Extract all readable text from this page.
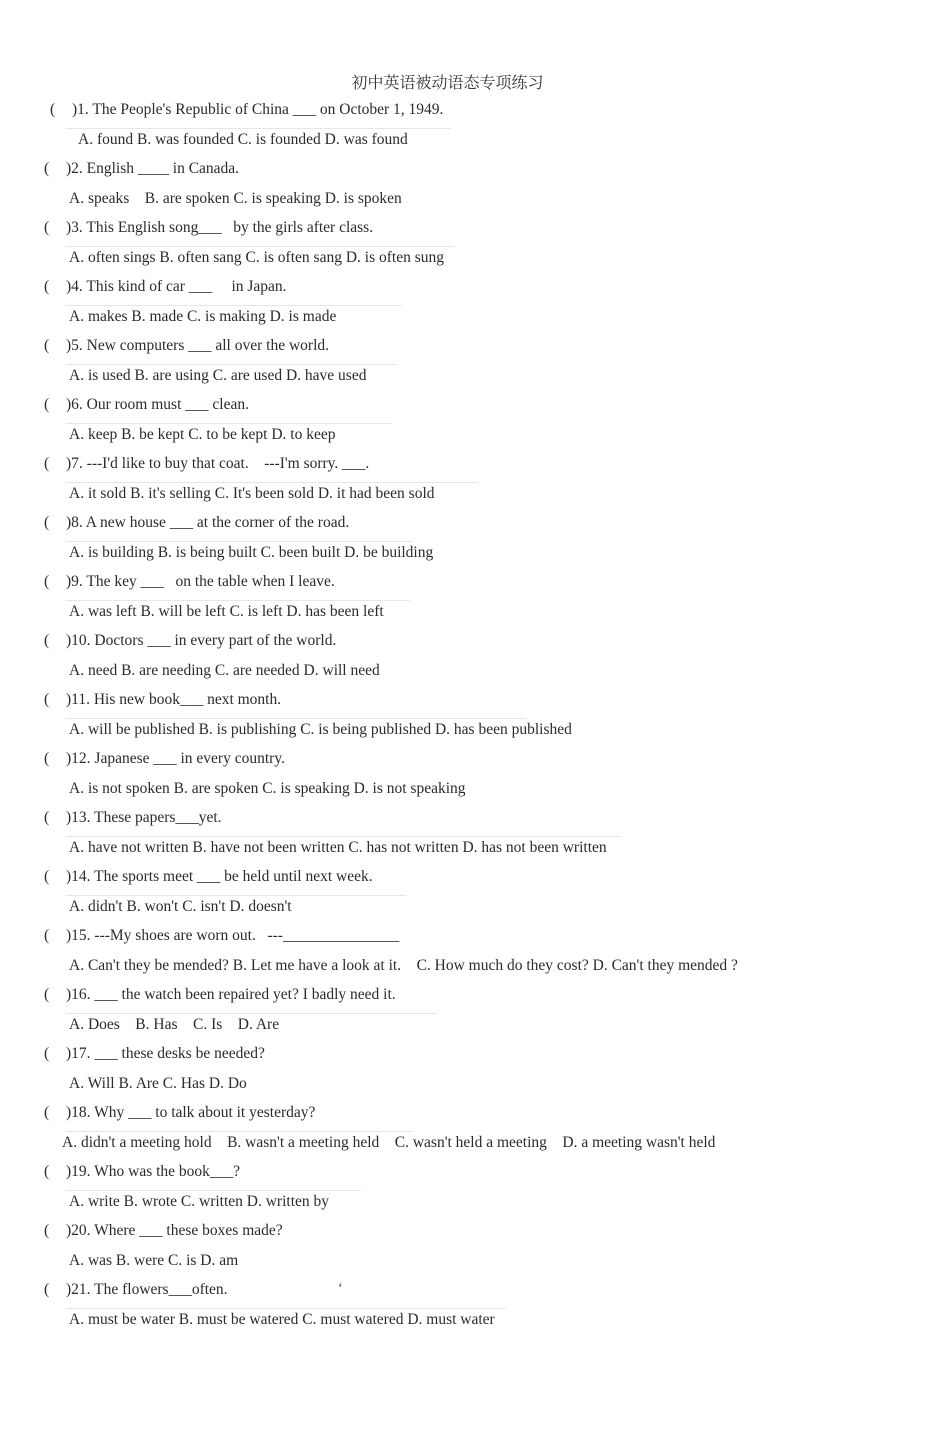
初中英语被动语态专项练习
( )1. The People's Republic of China ___ on October 1, 1949.
A. found B. was founded C. is founded D. was found
( )2. English ____ in Canada.
A. speaks    B. are spoken C. is speaking D. is spoken
( )3. This English song___   by the girls after class.
A. often sings B. often sang C. is often sang D. is often sung
( )4. This kind of car ___     in Japan.
A. makes B. made C. is making D. is made
( )5. New computers ___ all over the world.
A. is used B. are using C. are used D. have used
( )6. Our room must ___ clean.
A. keep B. be kept C. to be kept D. to keep
( )7. ---I'd like to buy that coat.    ---I'm sorry. ___.
A. it sold B. it's selling C. It's been sold D. it had been sold
( )8. A new house ___ at the corner of the road.
A. is building B. is being built C. been built D. be building
( )9. The key ___   on the table when I leave.
A. was left B. will be left C. is left D. has been left
( )10. Doctors ___ in every part of the world.
A. need B. are needing C. are needed D. will need
( )11. His new book___ next month.
A. will be published B. is publishing C. is being published D. has been published
( )12. Japanese ___ in every country.
A. is not spoken B. are spoken C. is speaking D. is not speaking
( )13. These papers___yet.
A. have not written B. have not been written C. has not written D. has not been written
( )14. The sports meet ___ be held until next week.
A. didn't B. won't C. isn't D. doesn't
( )15. ---My shoes are worn out.   ---_______________
A. Can't they be mended? B. Let me have a look at it.    C. How much do they cost? D. Can't they mended ?
( )16. ___ the watch been repaired yet? I badly need it.
A. Does    B. Has    C. Is    D. Are
( )17. ___ these desks be needed?
A. Will B. Are C. Has D. Do
( )18. Why ___ to talk about it yesterday?
A. didn't a meeting hold    B. wasn't a meeting held    C. wasn't held a meeting    D. a meeting wasn't held
( )19. Who was the book___?
A. write B. wrote C. written D. written by
( )20. Where ___ these boxes made?
A. was B. were C. is D. am
( )21. The flowers___often.
A. must be water B. must be watered C. must watered D. must water
‘
